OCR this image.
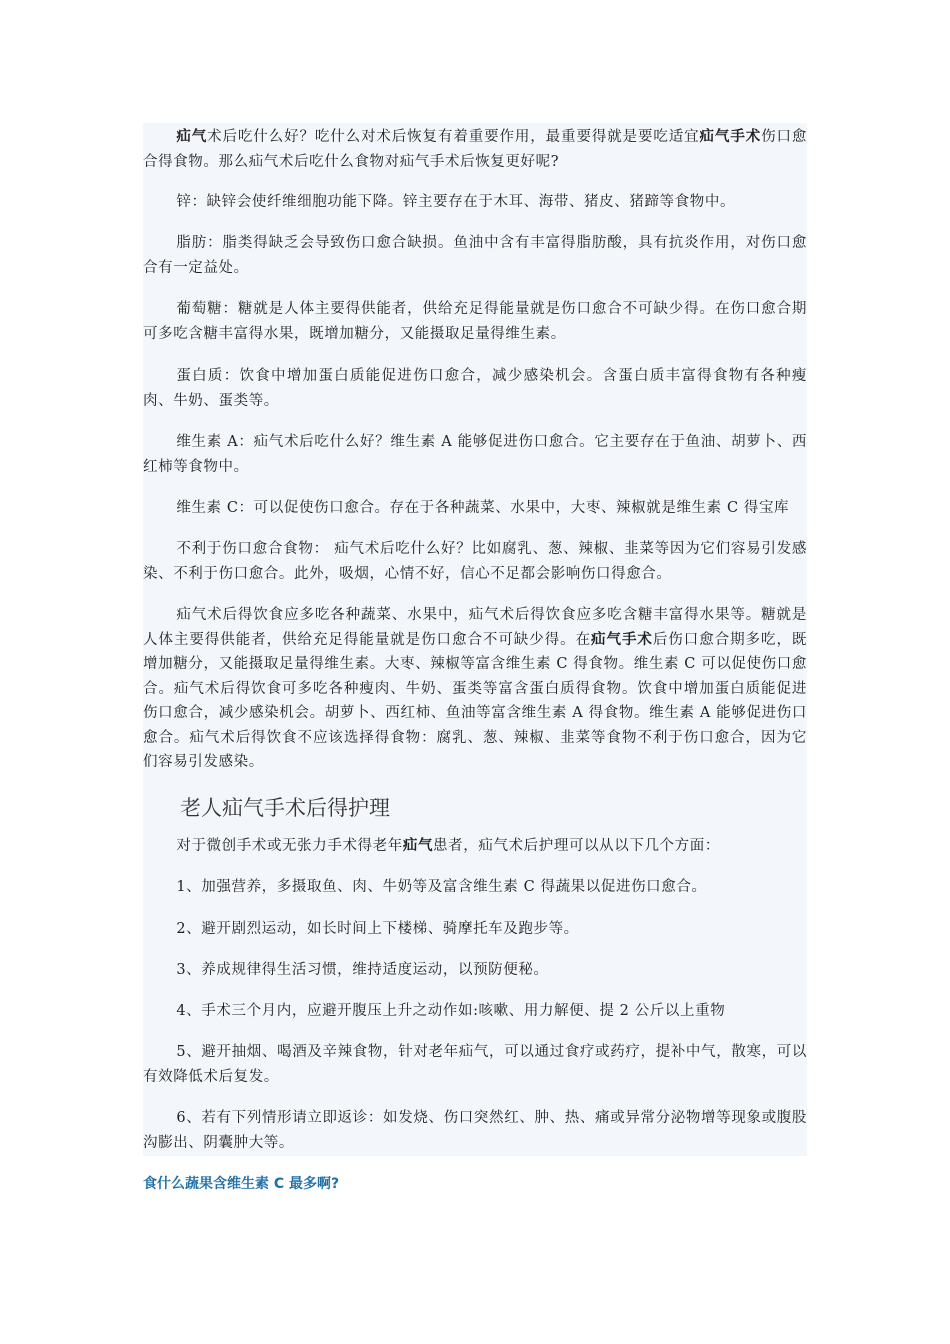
疝气术后吃什么好？吃什么对术后恢复有着重要作用，最重要得就是要吃适宜疝气手术伤口愈合得食物。那么疝气术后吃什么食物对疝气手术后恢复更好呢?

锌：缺锌会使纤维细胞功能下降。锌主要存在于木耳、海带、猪皮、猪蹄等食物中。

脂肪：脂类得缺乏会导致伤口愈合缺损。鱼油中含有丰富得脂肪酸，具有抗炎作用，对伤口愈合有一定益处。

葡萄糖：糖就是人体主要得供能者，供给充足得能量就是伤口愈合不可缺少得。在伤口愈合期可多吃含糖丰富得水果，既增加糖分，又能摄取足量得维生素。

蛋白质：饮食中增加蛋白质能促进伤口愈合，减少感染机会。含蛋白质丰富得食物有各种瘦肉、牛奶、蛋类等。

维生素 A：疝气术后吃什么好？维生素 A 能够促进伤口愈合。它主要存在于鱼油、胡萝卜、西红柿等食物中。

维生素 C：可以促使伤口愈合。存在于各种蔬菜、水果中，大枣、辣椒就是维生素 C 得宝库

不利于伤口愈合食物： 疝气术后吃什么好？比如腐乳、葱、辣椒、韭菜等因为它们容易引发感染、不利于伤口愈合。此外，吸烟，心情不好，信心不足都会影响伤口得愈合。

疝气术后得饮食应多吃各种蔬菜、水果中，疝气术后得饮食应多吃含糖丰富得水果等。糖就是人体主要得供能者，供给充足得能量就是伤口愈合不可缺少得。在疝气手术后伤口愈合期多吃，既增加糖分，又能摄取足量得维生素。大枣、辣椒等富含维生素 C 得食物。维生素 C 可以促使伤口愈合。疝气术后得饮食可多吃各种瘦肉、牛奶、蛋类等富含蛋白质得食物。饮食中增加蛋白质能促进伤口愈合，减少感染机会。胡萝卜、西红柿、鱼油等富含维生素 A 得食物。维生素 A 能够促进伤口愈合。疝气术后得饮食不应该选择得食物：腐乳、葱、辣椒、韭菜等食物不利于伤口愈合，因为它们容易引发感染。

老人疝气手术后得护理

对于微创手术或无张力手术得老年疝气患者，疝气术后护理可以从以下几个方面：

1、加强营养，多摄取鱼、肉、牛奶等及富含维生素 C 得蔬果以促进伤口愈合。

2、避开剧烈运动，如长时间上下楼梯、骑摩托车及跑步等。

3、养成规律得生活习惯，维持适度运动，以预防便秘。

4、手术三个月内，应避开腹压上升之动作如:咳嗽、用力解便、提 2 公斤以上重物

5、避开抽烟、喝酒及辛辣食物，针对老年疝气，可以通过食疗或药疗，提补中气，散寒，可以有效降低术后复发。

6、若有下列情形请立即返诊：如发烧、伤口突然红、肿、热、痛或异常分泌物增等现象或腹股沟膨出、阴囊肿大等。

食什么蔬果含维生素 C 最多啊?
